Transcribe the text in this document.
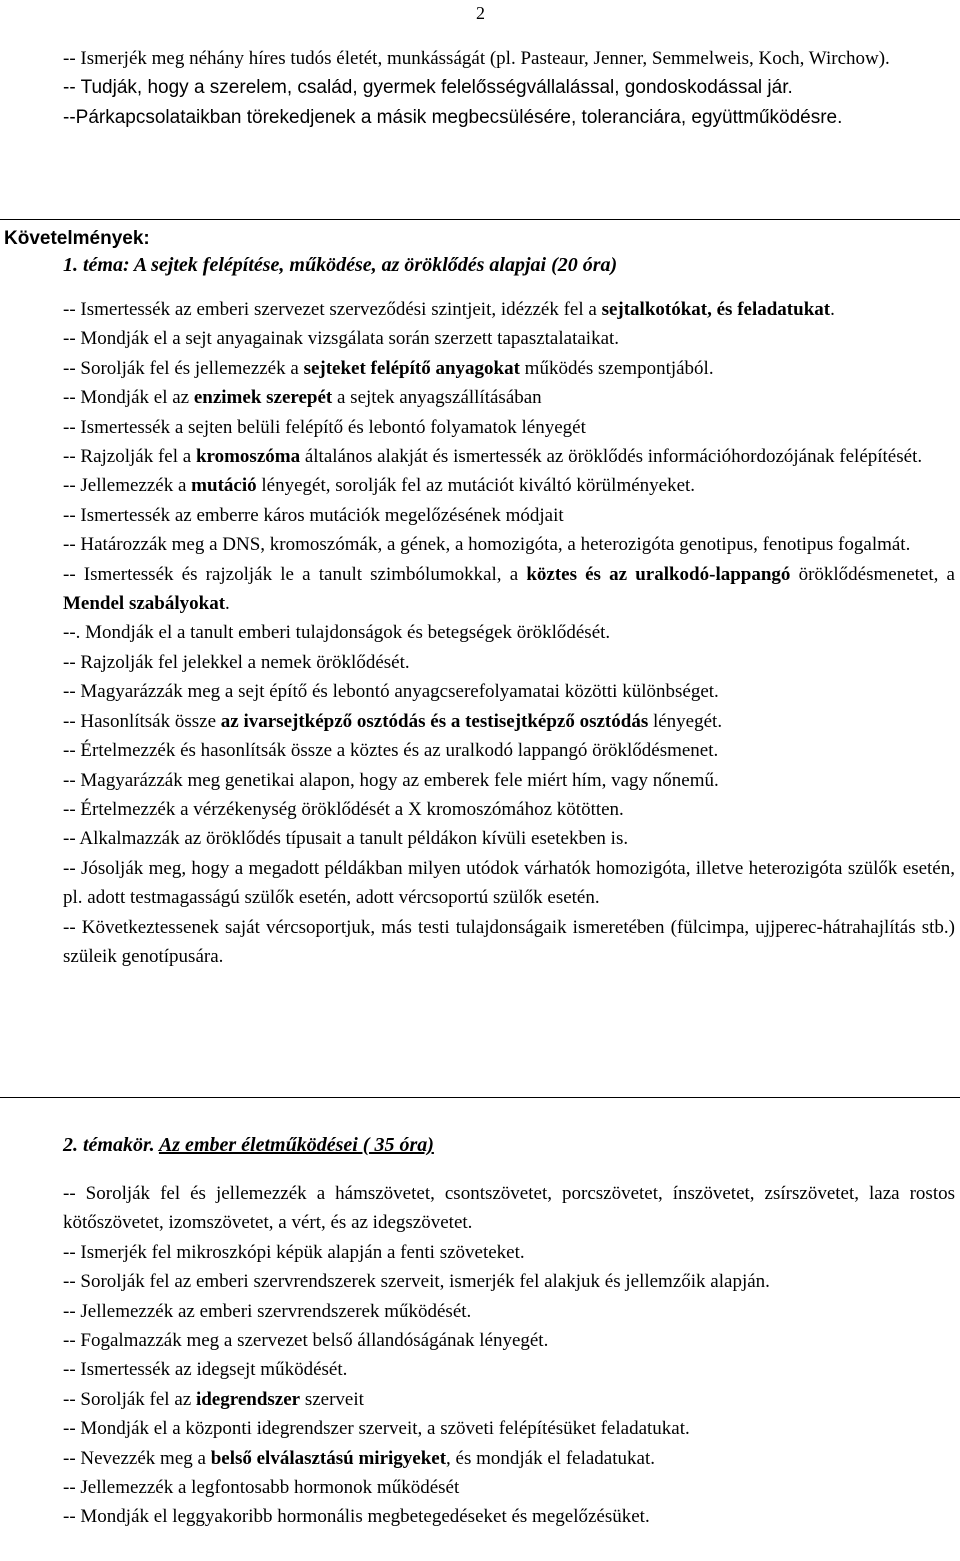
2

-- Ismerjék meg néhány híres tudós életét, munkásságát (pl. Pasteaur, Jenner, Semmelweis, Koch, Wirchow).

-- Tudják, hogy a szerelem, család, gyermek felelősségvállalással, gondoskodással jár.

--Párkapcsolataikban törekedjenek a másik megbecsülésére, toleranciára, együttműködésre.

Követelmények:
1. téma: A sejtek felépítése, működése, az öröklődés alapjai (20 óra)

-- Ismertessék az emberi szervezet szerveződési szintjeit, idézzék fel a sejtalkotókat, és feladatukat.

-- Mondják el a sejt anyagainak vizsgálata során szerzett tapasztalataikat.

-- Sorolják fel és jellemezzék a sejteket felépítő anyagokat működés szempontjából.

-- Mondják el az enzimek szerepét a sejtek anyagszállításában

-- Ismertessék a sejten belüli felépítő és lebontó folyamatok lényegét

-- Rajzolják fel a kromoszóma általános alakját és ismertessék az öröklődés információhordozójának felépítését.

-- Jellemezzék a mutáció lényegét, sorolják fel az mutációt kiváltó körülményeket.

-- Ismertessék az emberre káros mutációk megelőzésének módjait

-- Határozzák meg a DNS, kromoszómák, a gének, a homozigóta, a heterozigóta genotipus, fenotipus fogalmát.

-- Ismertessék és rajzolják le a tanult szimbólumokkal, a köztes és az uralkodó-lappangó öröklődésmenetet, a Mendel szabályokat.

--. Mondják el a tanult emberi tulajdonságok és betegségek öröklődését.

-- Rajzolják fel jelekkel a nemek öröklődését.

-- Magyarázzák meg a sejt építő és lebontó anyagcserefolyamatai közötti különbséget.

-- Hasonlítsák össze az ivarsejtképző osztódás és a testisejtképző osztódás lényegét.

-- Értelmezzék és hasonlítsák össze a köztes és az uralkodó lappangó öröklődésmenet.

-- Magyarázzák meg genetikai alapon, hogy az emberek fele miért hím, vagy nőnemű.

-- Értelmezzék a vérzékenység öröklődését a X kromoszómához kötötten.

-- Alkalmazzák az öröklődés típusait a tanult példákon kívüli esetekben is.

-- Jósolják meg, hogy a megadott példákban milyen utódok várhatók homozigóta, illetve heterozigóta szülők esetén, pl. adott testmagasságú szülők esetén, adott vércsoportú szülők esetén.

-- Következtessenek saját vércsoportjuk, más testi tulajdonságaik ismeretében (fülcimpa, ujjperec-hátrahajlítás stb.) szüleik genotípusára.

2. témakör. Az ember életműködései ( 35 óra)

-- Sorolják fel és jellemezzék a hámszövetet, csontszövetet, porcszövetet, ínszövetet, zsírszövetet, laza rostos kötőszövetet, izomszövetet, a vért, és az idegszövetet.

-- Ismerjék fel mikroszkópi képük alapján a fenti szöveteket.

-- Sorolják fel az emberi szervrendszerek szerveit, ismerjék fel alakjuk és jellemzőik alapján.

-- Jellemezzék az emberi szervrendszerek működését.

-- Fogalmazzák meg a szervezet belső állandóságának lényegét.

-- Ismertessék az idegsejt működését.

-- Sorolják fel az idegrendszer szerveit

-- Mondják el a központi idegrendszer szerveit, a szöveti felépítésüket feladatukat.

-- Nevezzék meg a belső elválasztású mirigyeket, és mondják el feladatukat.

-- Jellemezzék a legfontosabb hormonok működését

-- Mondják el leggyakoribb hormonális megbetegedéseket és megelőzésüket.
